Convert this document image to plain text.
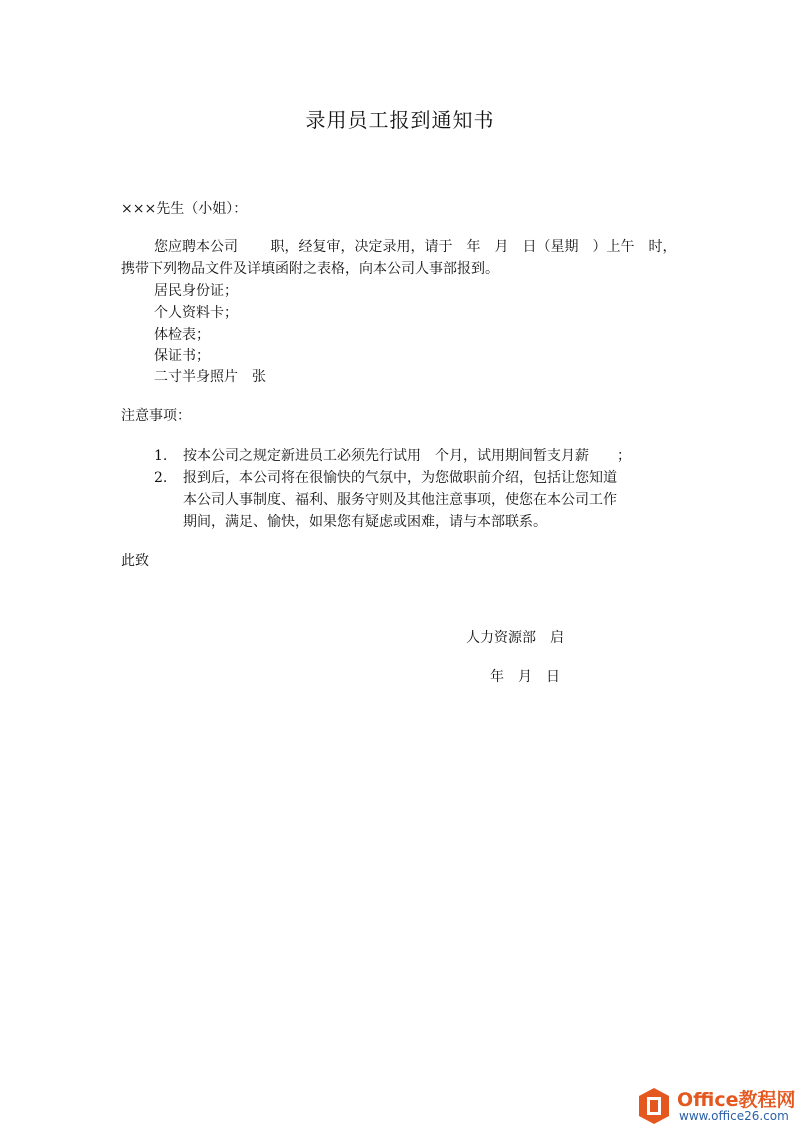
录用员工报到通知书
×××先生（小姐）：
您应聘本公司　　 职，经复审，决定录用，请于　年　月　日（星期　）上午　时，
携带下列物品文件及详填函附之表格，向本公司人事部报到。
居民身份证；
个人资料卡；
体检表；
保证书；
二寸半身照片　张
注意事项：
1. 按本公司之规定新进员工必须先行试用　个月，试用期间暂支月薪　　；
2. 报到后，本公司将在很愉快的气氛中，为您做职前介绍，包括让您知道
本公司人事制度、福利、服务守则及其他注意事项，使您在本公司工作
期间，满足、愉快，如果您有疑虑或困难，请与本部联系。
此致
人力资源部　启
年　月　日
Office教程网
www.office26.com
